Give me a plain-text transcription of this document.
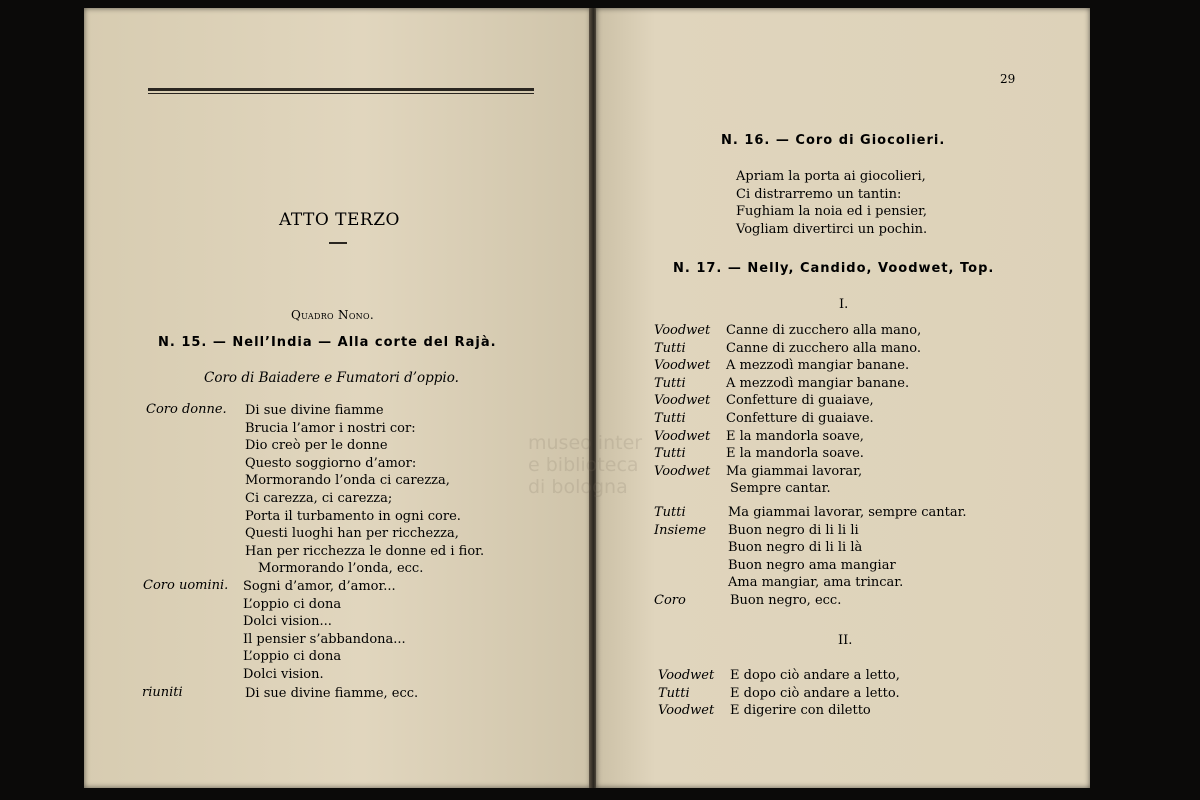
museo inter
e biblioteca
di bologna
ATTO TERZO
Quadro Nono.
N. 15. — Nell’India — Alla corte del Rajà.
Coro di Baiadere e Fumatori d’oppio.
Coro donne. Di sue divine fiamme
Brucia l’amor i nostri cor:
Dio creò per le donne
Questo soggiorno d’amor:
Mormorando l’onda ci carezza,
Ci carezza, ci carezza;
Porta il turbamento in ogni core.
Questi luoghi han per ricchezza,
Han per ricchezza le donne ed i fior.
Mormorando l’onda, ecc.
Coro uomini. Sogni d’amor, d’amor...
L’oppio ci dona
Dolci vision...
Il pensier s’abbandona...
L’oppio ci dona
Dolci vision.
riuniti	Di sue divine fiamme, ecc.
29
N. 16. — Coro di Giocolieri.
Apriam la porta ai giocolieri,
Ci distrarremo un tantin:
Fughiam la noia ed i pensier,
Vogliam divertirci un pochin.
N. 17. — Nelly, Candido, Voodwet, Top.
I.
Voodwet Canne di zucchero alla mano,
Tutti	Canne di zucchero alla mano.
Voodwet A mezzodì mangiar banane.
Tutti	A mezzodì mangiar banane.
Voodwet Confetture di guaiave,
Tutti	Confetture di guaiave.
Voodwet E la mandorla soave,
Tutti	E la mandorla soave.
Voodwet Ma giammai lavorar,
Sempre cantar.
Tutti	Ma giammai lavorar, sempre cantar.
Insieme Buon negro di li li li
Buon negro di li li là
Buon negro ama mangiar
Ama mangiar, ama trincar.
Coro	Buon negro, ecc.
II.
Voodwet E dopo ciò andare a letto,
Tutti	E dopo ciò andare a letto.
Voodwet E digerire con diletto
